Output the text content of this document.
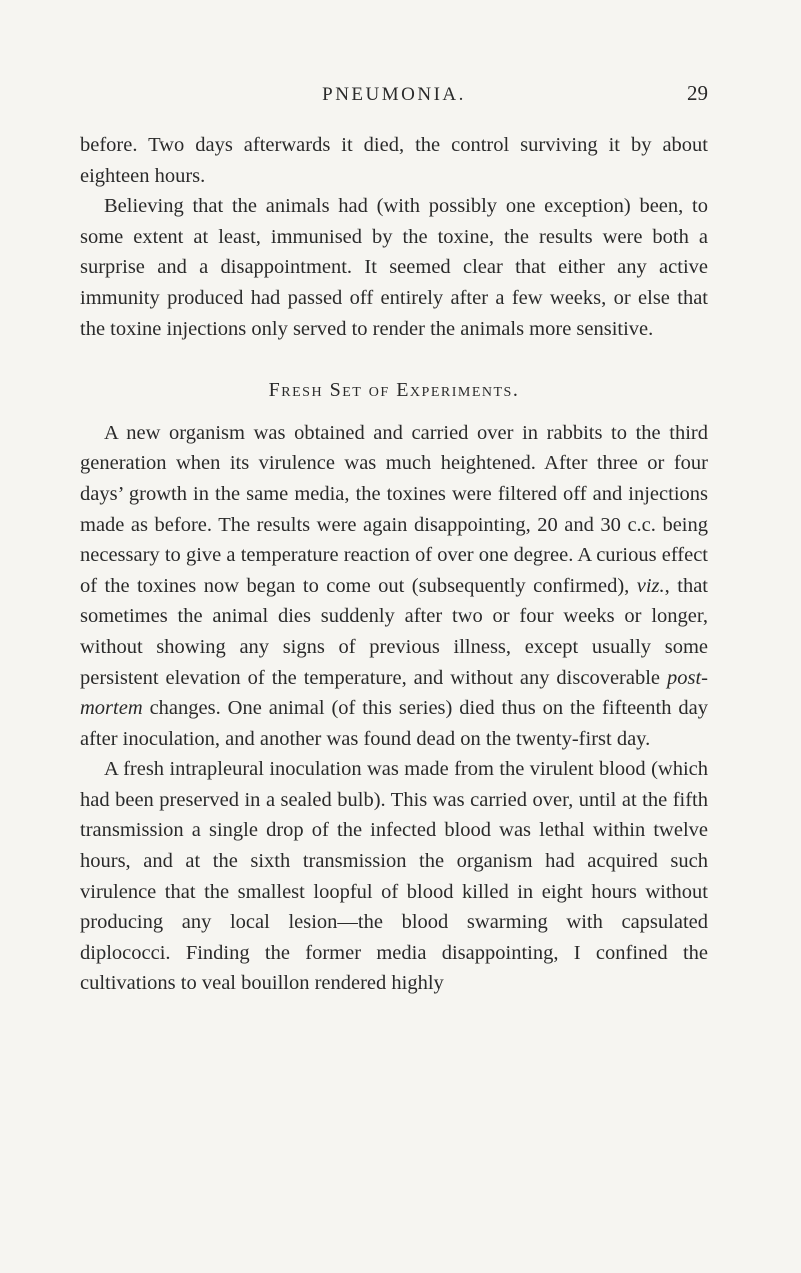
PNEUMONIA.	29

before. Two days afterwards it died, the control surviving it by about eighteen hours.

Believing that the animals had (with possibly one exception) been, to some extent at least, immunised by the toxine, the results were both a surprise and a disappointment. It seemed clear that either any active immunity produced had passed off entirely after a few weeks, or else that the toxine injections only served to render the animals more sensitive.

Fresh Set of Experiments.

A new organism was obtained and carried over in rabbits to the third generation when its virulence was much heightened. After three or four days’ growth in the same media, the toxines were filtered off and injections made as before. The results were again disappointing, 20 and 30 c.c. being necessary to give a temperature reaction of over one degree. A curious effect of the toxines now began to come out (subsequently confirmed), viz., that sometimes the animal dies suddenly after two or four weeks or longer, without showing any signs of previous illness, except usually some persistent elevation of the temperature, and without any discoverable post-mortem changes. One animal (of this series) died thus on the fifteenth day after inoculation, and another was found dead on the twenty-first day.

A fresh intrapleural inoculation was made from the virulent blood (which had been preserved in a sealed bulb). This was carried over, until at the fifth transmission a single drop of the infected blood was lethal within twelve hours, and at the sixth transmission the organism had acquired such virulence that the smallest loopful of blood killed in eight hours without producing any local lesion—the blood swarming with capsulated diplococci. Finding the former media disappointing, I confined the cultivations to veal bouillon rendered highly
